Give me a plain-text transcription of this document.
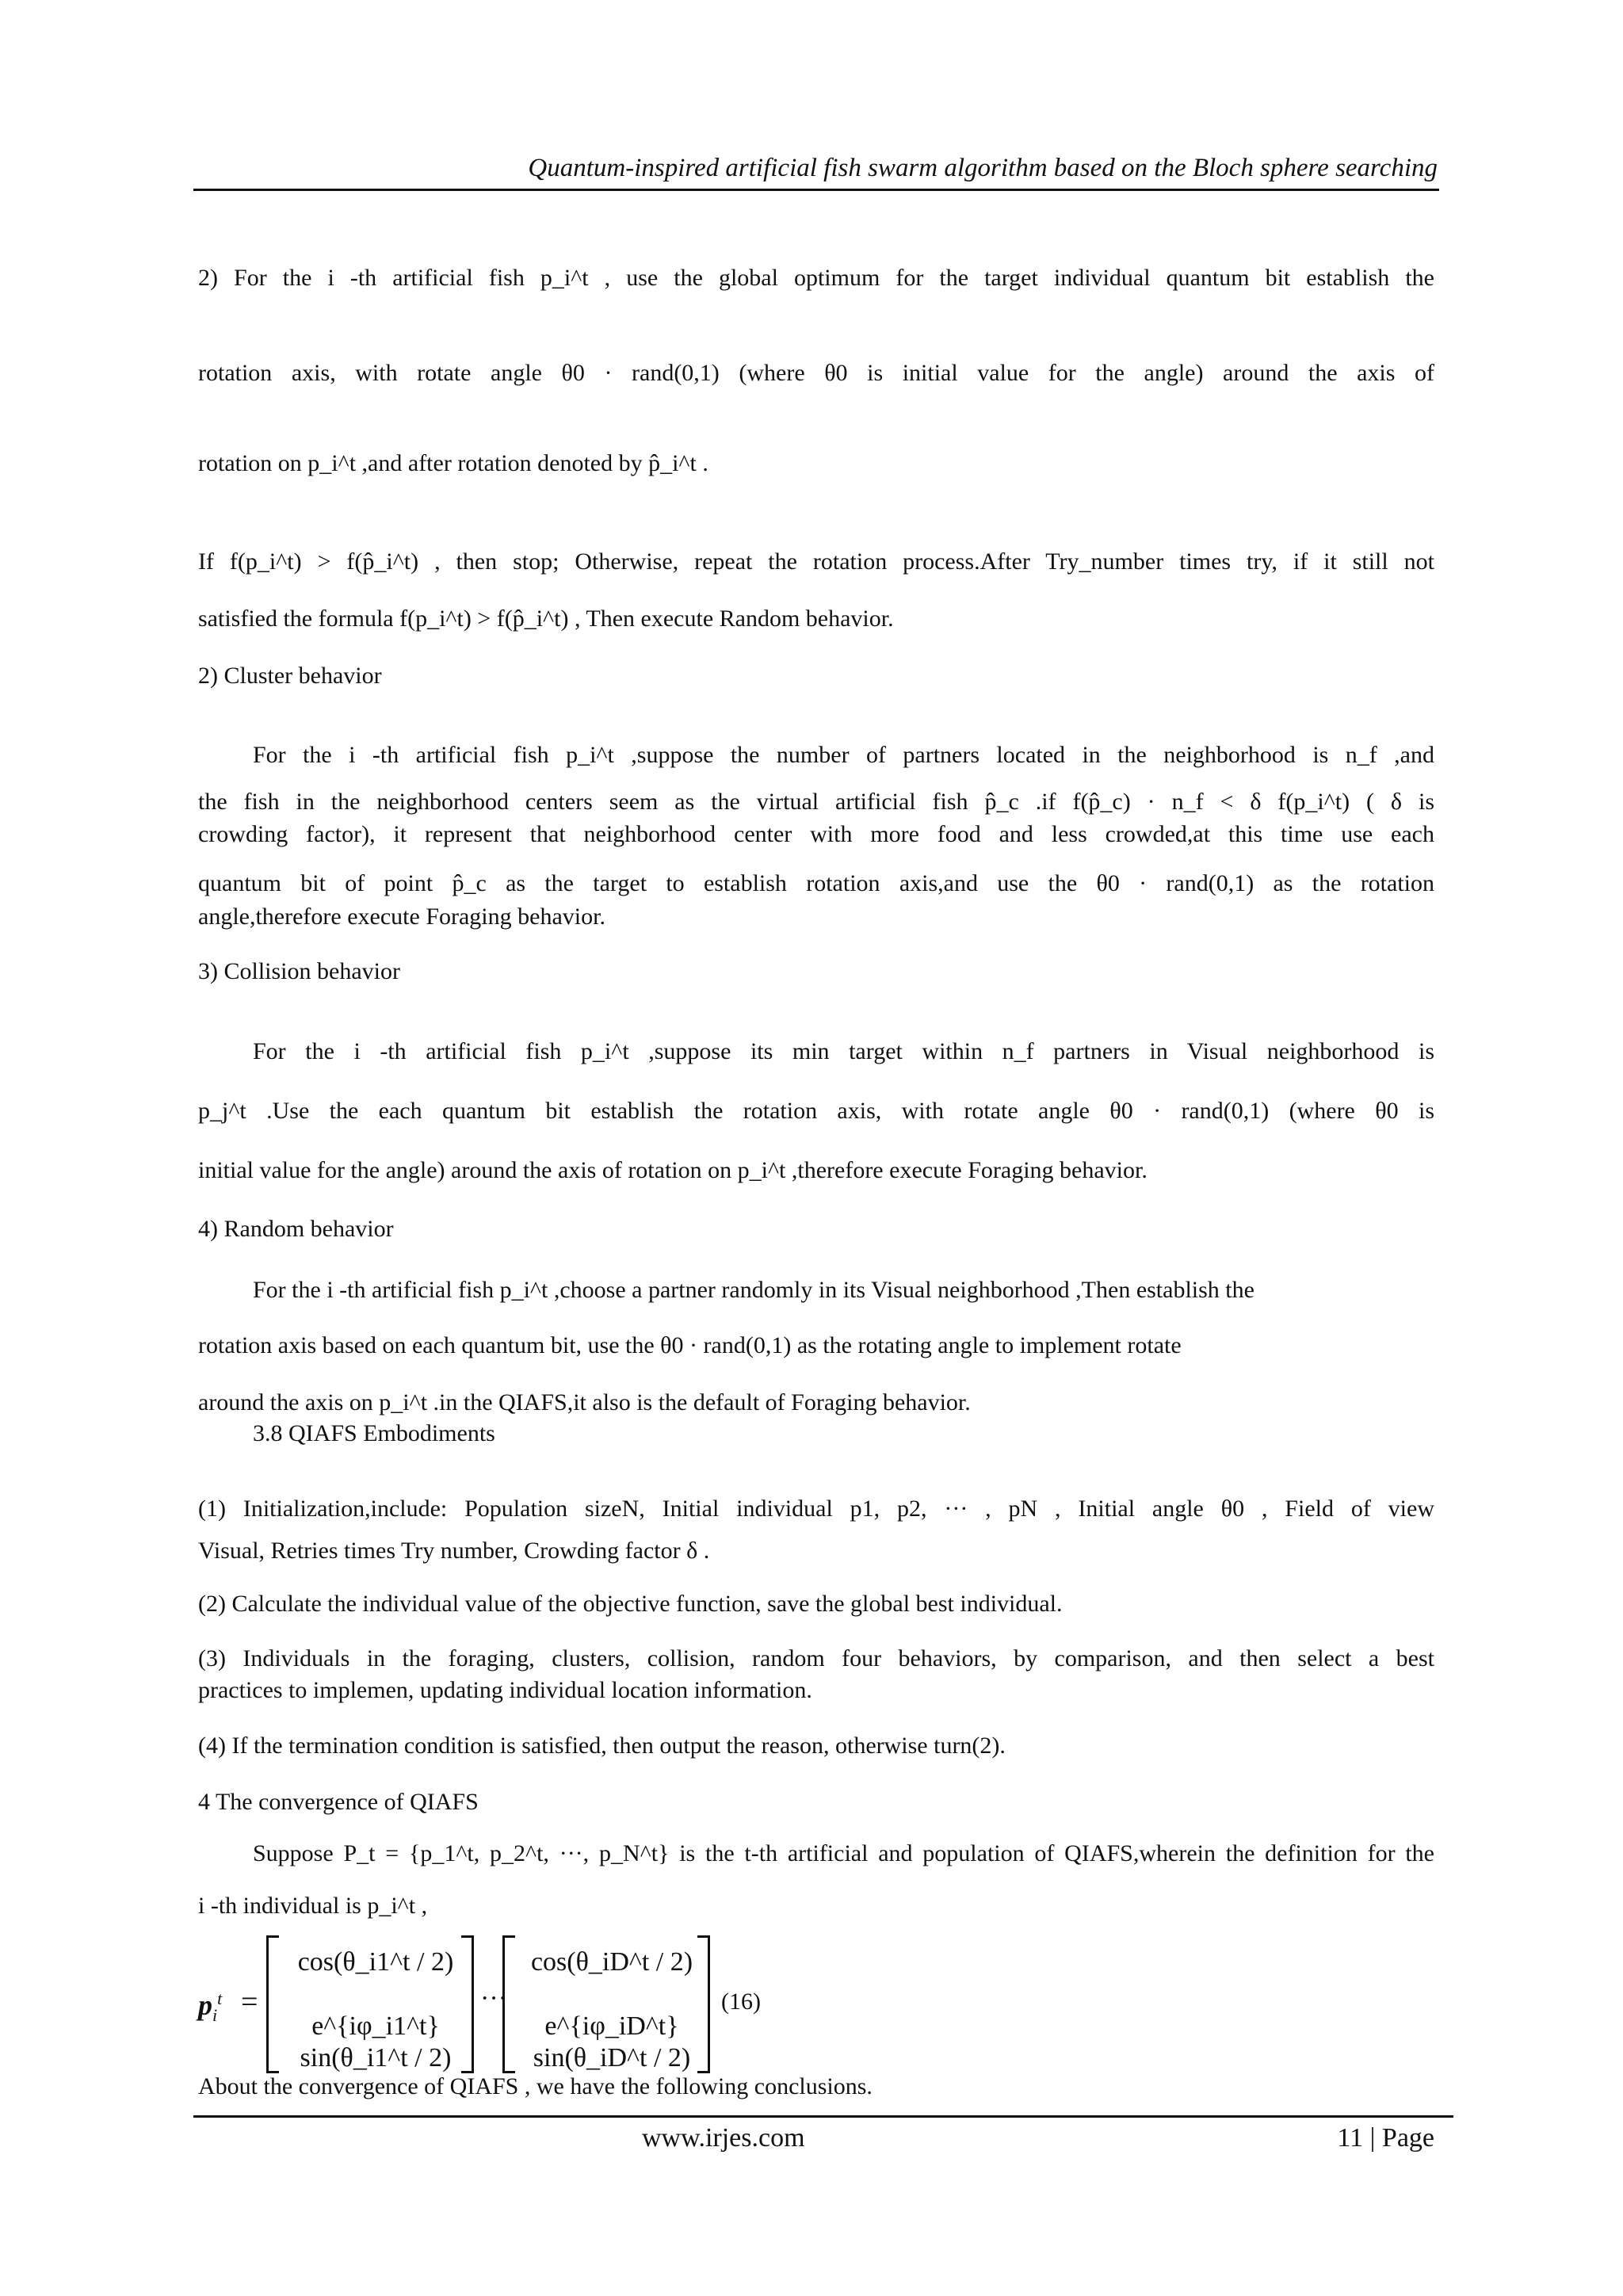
Quantum-inspired artificial fish swarm algorithm based on the Bloch sphere searching
2) For the i -th artificial fish p_i^t , use the global optimum for the target individual quantum bit establish the
rotation axis, with rotate angle θ0 · rand(0,1) (where θ0 is initial value for the angle) around the axis of
rotation on p_i^t ,and after rotation denoted by p̂_i^t .
If f(p_i^t) > f(p̂_i^t) , then stop; Otherwise, repeat the rotation process.After Try_number times try, if it still not
satisfied the formula f(p_i^t) > f(p̂_i^t) , Then execute Random behavior.
2) Cluster behavior
For the i -th artificial fish p_i^t ,suppose the number of partners located in the neighborhood is n_f ,and
the fish in the neighborhood centers seem as the virtual artificial fish p̂_c .if f(p̂_c) · n_f < δ f(p_i^t) ( δ is
crowding factor), it represent that neighborhood center with more food and less crowded,at this time use each
quantum bit of point p̂_c as the target to establish rotation axis,and use the θ0 · rand(0,1) as the rotation
angle,therefore execute Foraging behavior.
3) Collision behavior
For the i -th artificial fish p_i^t ,suppose its min target within n_f partners in Visual neighborhood is
p_j^t .Use the each quantum bit establish the rotation axis, with rotate angle θ0 · rand(0,1) (where θ0 is
initial value for the angle) around the axis of rotation on p_i^t ,therefore execute Foraging behavior.
4) Random behavior
For the i -th artificial fish p_i^t ,choose a partner randomly in its Visual neighborhood ,Then establish the
rotation axis based on each quantum bit, use the θ0 · rand(0,1) as the rotating angle to implement rotate
around the axis on p_i^t .in the QIAFS,it also is the default of Foraging behavior.
3.8 QIAFS Embodiments
(1) Initialization,include: Population sizeN, Initial individual p1, p2, ··· , pN , Initial angle θ0 , Field of view
Visual, Retries times Try number, Crowding factor δ .
(2) Calculate the individual value of the objective function, save the global best individual.
(3) Individuals in the foraging, clusters, collision, random four behaviors, by comparison, and then select a best
practices to implemen, updating individual location information.
(4) If the termination condition is satisfied, then output the reason, otherwise turn(2).
4 The convergence of QIAFS
Suppose P_t = {p_1^t, p_2^t, ···, p_N^t} is the t-th artificial and population of QIAFS,wherein the definition for the
i -th individual is p_i^t ,
$p_i^t$ =
cos(θ_i1^t / 2)
e^{iφ_i1^t} sin(θ_i1^t / 2)
···
cos(θ_iD^t / 2)
e^{iφ_iD^t} sin(θ_iD^t / 2)
(16)
About the convergence of QIAFS , we have the following conclusions.
www.irjes.com	11 | Page
